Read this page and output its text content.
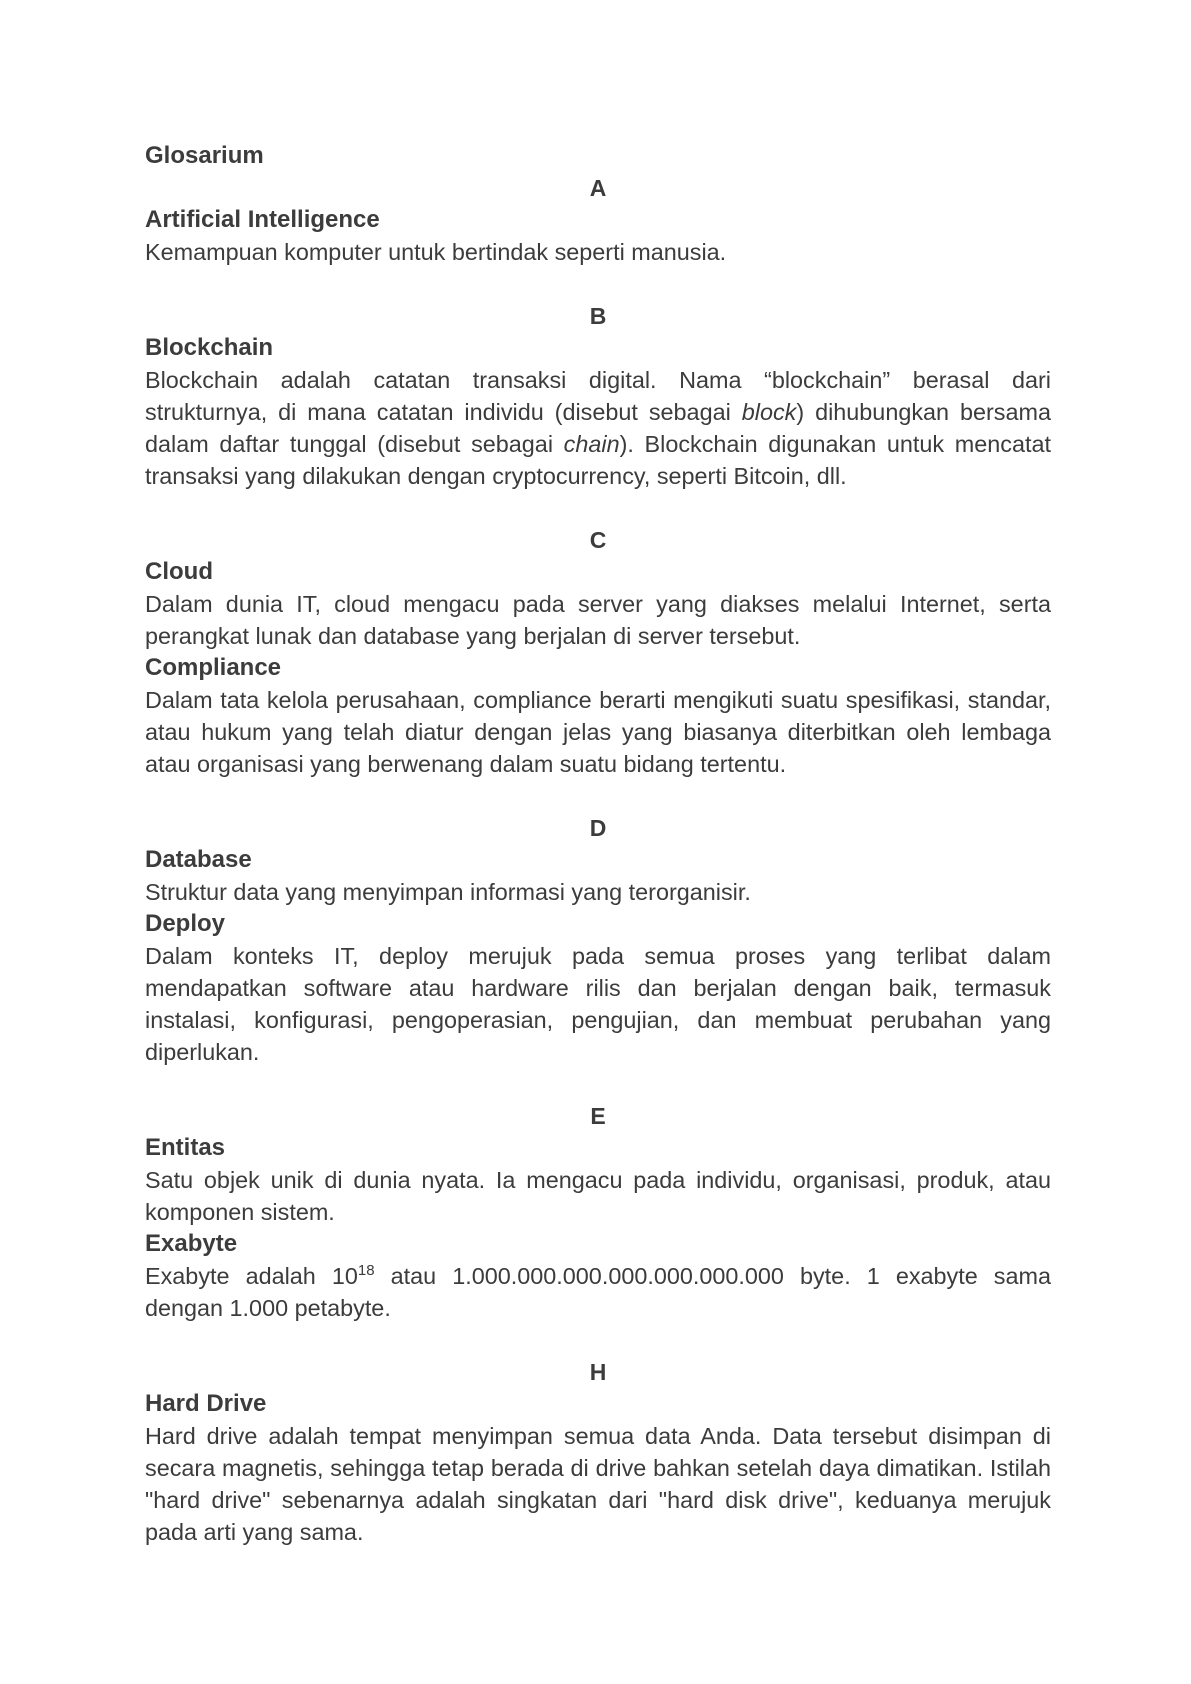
Glosarium

A

Artificial Intelligence

Kemampuan komputer untuk bertindak seperti manusia.

B

Blockchain

Blockchain adalah catatan transaksi digital. Nama “blockchain” berasal dari strukturnya, di mana catatan individu (disebut sebagai block) dihubungkan bersama dalam daftar tunggal (disebut sebagai chain). Blockchain digunakan untuk mencatat transaksi yang dilakukan dengan cryptocurrency, seperti Bitcoin, dll.

C

Cloud

Dalam dunia IT, cloud mengacu pada server yang diakses melalui Internet, serta perangkat lunak dan database yang berjalan di server tersebut.

Compliance

Dalam tata kelola perusahaan, compliance berarti mengikuti suatu spesifikasi, standar, atau hukum yang telah diatur dengan jelas yang biasanya diterbitkan oleh lembaga atau organisasi yang berwenang dalam suatu bidang tertentu.

D

Database

Struktur data yang menyimpan informasi yang terorganisir.

Deploy

Dalam konteks IT, deploy merujuk pada semua proses yang terlibat dalam mendapatkan software atau hardware rilis dan berjalan dengan baik, termasuk instalasi, konfigurasi, pengoperasian, pengujian, dan membuat perubahan yang diperlukan.

E

Entitas

Satu objek unik di dunia nyata. Ia mengacu pada individu, organisasi, produk, atau komponen sistem.

Exabyte

Exabyte adalah $10^{18}$ atau 1.000.000.000.000.000.000.000 byte. 1 exabyte sama dengan 1.000 petabyte.

H

Hard Drive

Hard drive adalah tempat menyimpan semua data Anda. Data tersebut disimpan di secara magnetis, sehingga tetap berada di drive bahkan setelah daya dimatikan. Istilah "hard drive" sebenarnya adalah singkatan dari "hard disk drive", keduanya merujuk pada arti yang sama.
